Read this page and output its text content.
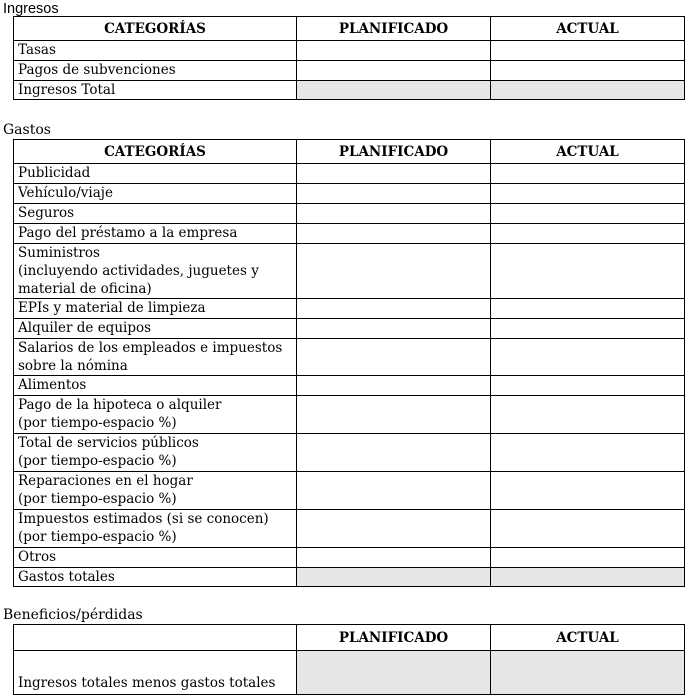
Ingresos
CATEGORÍAS	PLANIFICADO	ACTUAL
Tasas		
Pagos de subvenciones		
Ingresos Total		
Gastos
CATEGORÍAS	PLANIFICADO	ACTUAL
Publicidad		
Vehículo/viaje		
Seguros		
Pago del préstamo a la empresa		
Suministros
(incluyendo actividades, juguetes y
material de oficina)		
EPIs y material de limpieza		
Alquiler de equipos		
Salarios de los empleados e impuestos
sobre la nómina		
Alimentos		
Pago de la hipoteca o alquiler
(por tiempo-espacio %)		
Total de servicios públicos
(por tiempo-espacio %)		
Reparaciones en el hogar
(por tiempo-espacio %)		
Impuestos estimados (si se conocen)
(por tiempo-espacio %)		
Otros		
Gastos totales		
Beneficios/pérdidas
	PLANIFICADO	ACTUAL
Ingresos totales menos gastos totales		
